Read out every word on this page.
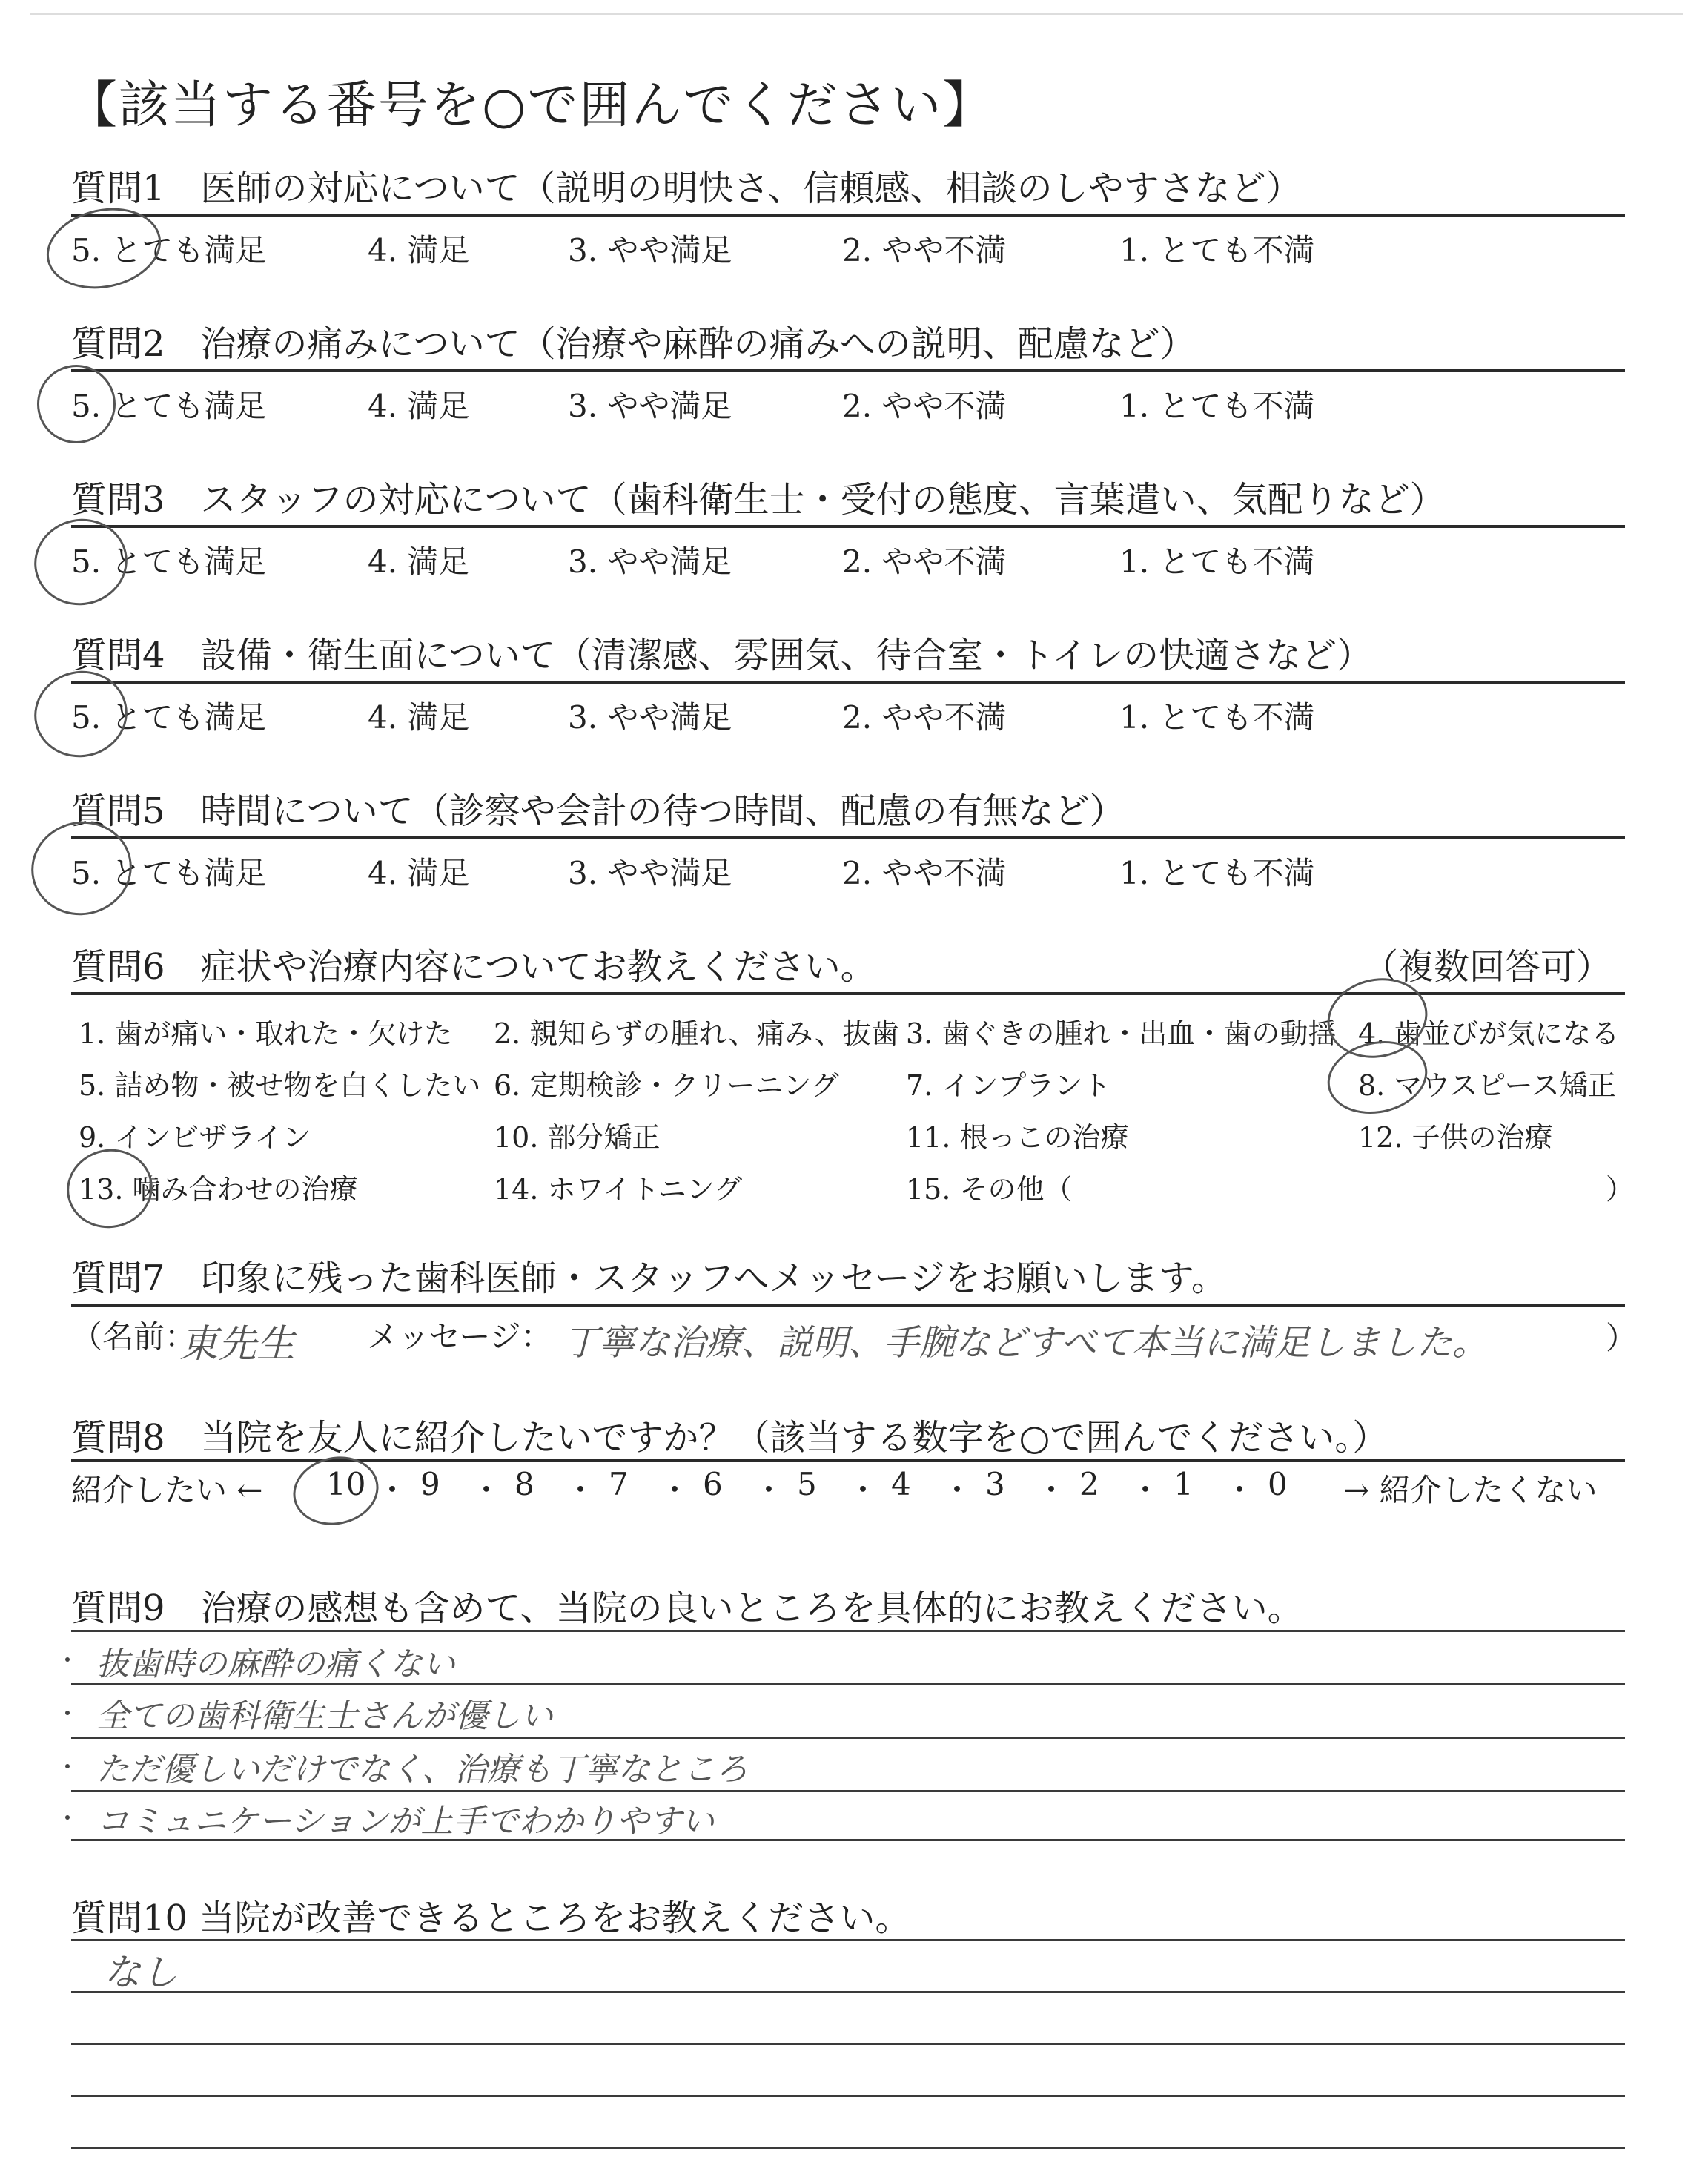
【該当する番号を○で囲んでください】
質問1　医師の対応について（説明の明快さ、信頼感、相談のしやすさなど）
5. とても満足	4. 満足	3. やや満足	2. やや不満	1. とても不満
質問2　治療の痛みについて（治療や麻酔の痛みへの説明、配慮など）
5. とても満足	4. 満足	3. やや満足	2. やや不満	1. とても不満
質問3　スタッフの対応について（歯科衛生士・受付の態度、言葉遣い、気配りなど）
5. とても満足	4. 満足	3. やや満足	2. やや不満	1. とても不満
質問4　設備・衛生面について（清潔感、雰囲気、待合室・トイレの快適さなど）
5. とても満足	4. 満足	3. やや満足	2. やや不満	1. とても不満
質問5　時間について（診察や会計の待つ時間、配慮の有無など）
5. とても満足	4. 満足	3. やや満足	2. やや不満	1. とても不満
質問6　症状や治療内容についてお教えください。	（複数回答可）
1. 歯が痛い・取れた・欠けた 2. 親知らずの腫れ、痛み、抜歯 3. 歯ぐきの腫れ・出血・歯の動揺 4. 歯並びが気になる
5. 詰め物・被せ物を白くしたい 6. 定期検診・クリーニング 7. インプラント	8. マウスピース矯正
9. インビザライン	10. 部分矯正	11. 根っこの治療	12. 子供の治療
13. 噛み合わせの治療	14. ホワイトニング	15. その他（	）
質問7　印象に残った歯科医師・スタッフへメッセージをお願いします。
（名前：
東先生 メッセージ： 丁寧な治療、説明、手腕などすべて本当に満足しました。	）
質問8　当院を友人に紹介したいですか？（該当する数字を○で囲んでください。）
紹介したい ←	→ 紹介したくない
10 ・ 9 ・ 8 ・ 7 ・ 6 ・ 5 ・ 4 ・ 3 ・ 2 ・ 1 ・ 0
質問9　治療の感想も含めて、当院の良いところを具体的にお教えください。
抜歯時の麻酔の痛くない
全ての歯科衛生士さんが優しい
ただ優しいだけでなく、治療も丁寧なところ
コミュニケーションが上手でわかりやすい
質問10 当院が改善できるところをお教えください。
なし
